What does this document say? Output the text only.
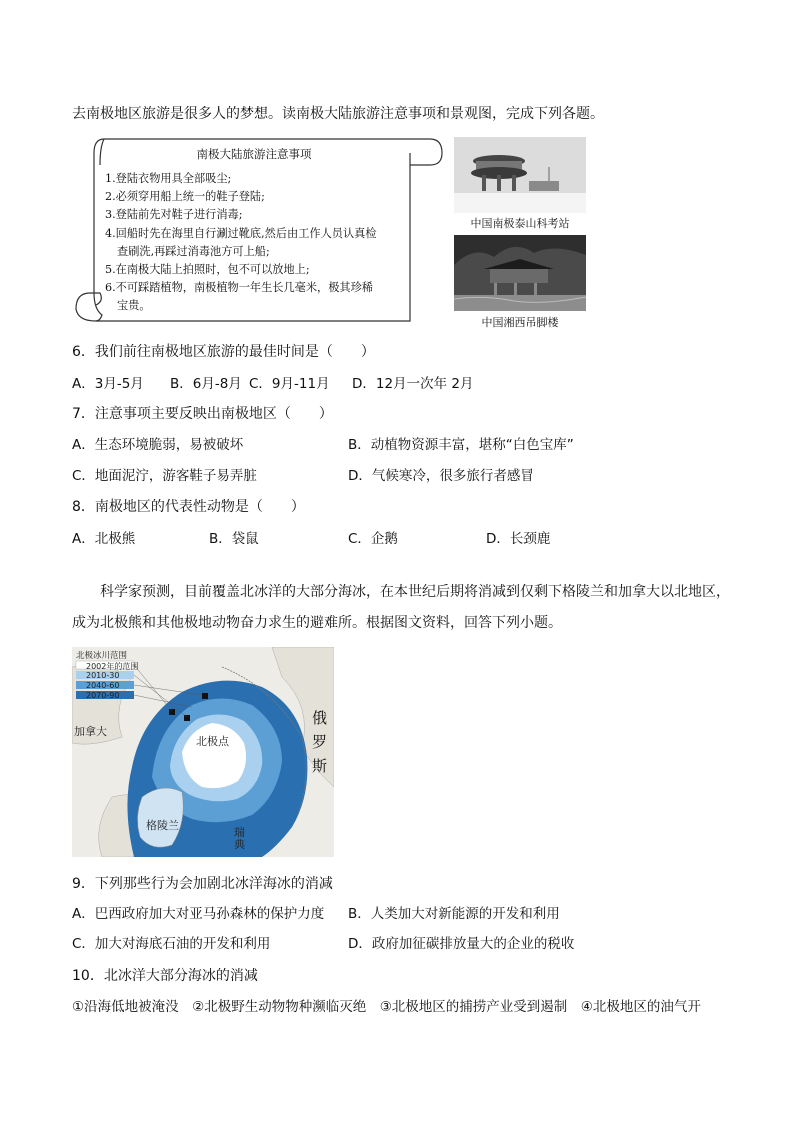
去南极地区旅游是很多人的梦想。读南极大陆旅游注意事项和景观图，完成下列各题。
南极大陆旅游注意事项
1.登陆衣物用具全部吸尘;
2.必须穿用船上统一的鞋子登陆;
3.登陆前先对鞋子进行消毒;
4.回船时先在海里自行涮过靴底,然后由工作人员认真检
查刷洗,再踩过消毒池方可上船;
5.在南极大陆上拍照时，包不可以放地上;
6.不可踩踏植物，南极植物一年生长几毫米，极其珍稀
宝贵。
中国南极泰山科考站
中国湘西吊脚楼
6．我们前往南极地区旅游的最佳时间是（　　）
A．3月-5月 B．6月-8月 C．9月-11月 D．12月一次年 2月
7．注意事项主要反映出南极地区（　　）
A．生态环境脆弱，易被破坏	B．动植物资源丰富，堪称“白色宝库”
C．地面泥泞，游客鞋子易弄脏	D．气候寒冷，很多旅行者感冒
8．南极地区的代表性动物是（　　）
A．北极熊	B．袋鼠	C．企鹅	D．长颈鹿
科学家预测，目前覆盖北冰洋的大部分海冰，在本世纪后期将消减到仅剩下格陵兰和加拿大以北地区，
成为北极熊和其他极地动物奋力求生的避难所。根据图文资料，回答下列小题。
北极冰川范围
2002年的范围
2010-30
2040-60
2070-90
北极点
加拿大
格陵兰
瑞典
俄罗斯
9．下列那些行为会加剧北冰洋海冰的消减
A．巴西政府加大对亚马孙森林的保护力度 B．人类加大对新能源的开发和利用
C．加大对海底石油的开发和利用	D．政府加征碳排放量大的企业的税收
10．北冰洋大部分海冰的消减
①沿海低地被淹没　②北极野生动物物种濒临灭绝　③北极地区的捕捞产业受到遏制　④北极地区的油气开
